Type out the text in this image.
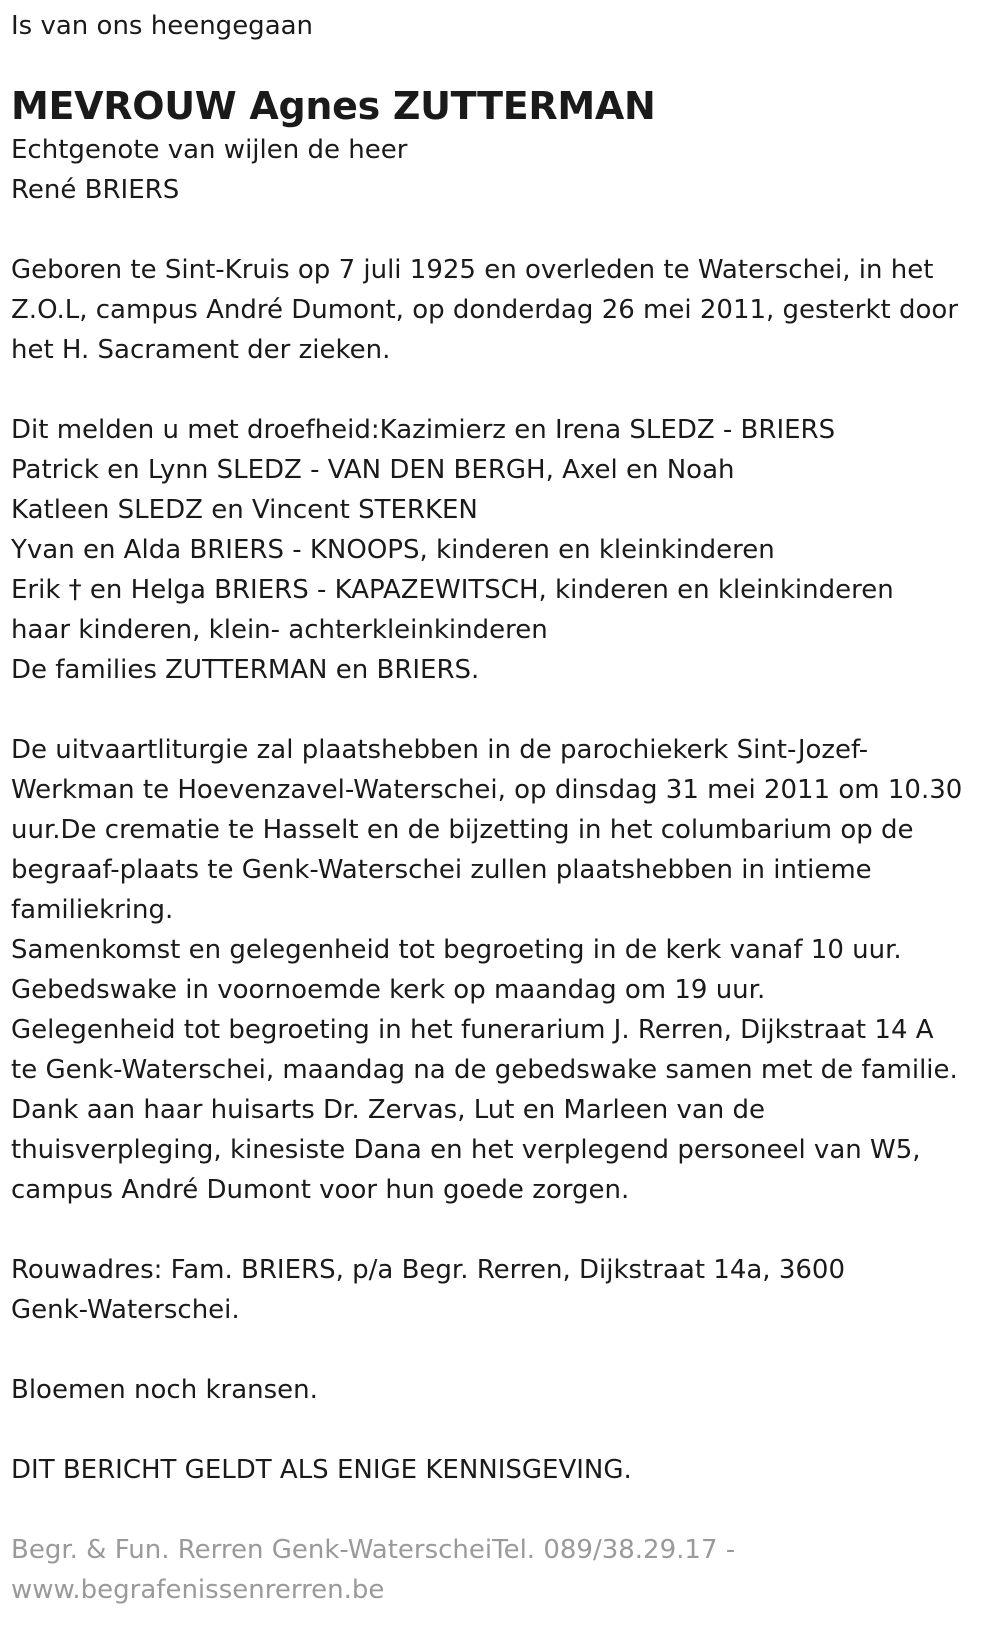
Is van ons heengegaan
MEVROUW Agnes ZUTTERMAN
Echtgenote van wijlen de heer
René BRIERS
Geboren te Sint-Kruis op 7 juli 1925 en overleden te Waterschei, in het
Z.O.L, campus André Dumont, op donderdag 26 mei 2011, gesterkt door
het H. Sacrament der zieken.
Dit melden u met droefheid:Kazimierz en Irena SLEDZ - BRIERS
Patrick en Lynn SLEDZ - VAN DEN BERGH, Axel en Noah
Katleen SLEDZ en Vincent STERKEN
Yvan en Alda BRIERS - KNOOPS, kinderen en kleinkinderen
Erik † en Helga BRIERS - KAPAZEWITSCH, kinderen en kleinkinderen
haar kinderen, klein- achterkleinkinderen
De families ZUTTERMAN en BRIERS.
De uitvaartliturgie zal plaatshebben in de parochiekerk Sint-Jozef-
Werkman te Hoevenzavel-Waterschei, op dinsdag 31 mei 2011 om 10.30
uur.De crematie te Hasselt en de bijzetting in het columbarium op de
begraaf-plaats te Genk-Waterschei zullen plaatshebben in intieme
familiekring.
Samenkomst en gelegenheid tot begroeting in de kerk vanaf 10 uur.
Gebedswake in voornoemde kerk op maandag om 19 uur.
Gelegenheid tot begroeting in het funerarium J. Rerren, Dijkstraat 14 A
te Genk-Waterschei, maandag na de gebedswake samen met de familie.
Dank aan haar huisarts Dr. Zervas, Lut en Marleen van de
thuisverpleging, kinesiste Dana en het verplegend personeel van W5,
campus André Dumont voor hun goede zorgen.
Rouwadres: Fam. BRIERS, p/a Begr. Rerren, Dijkstraat 14a, 3600
Genk-Waterschei.
Bloemen noch kransen.
DIT BERICHT GELDT ALS ENIGE KENNISGEVING.
Begr. & Fun. Rerren Genk-WaterscheiTel. 089/38.29.17 -
www.begrafenissenrerren.be
